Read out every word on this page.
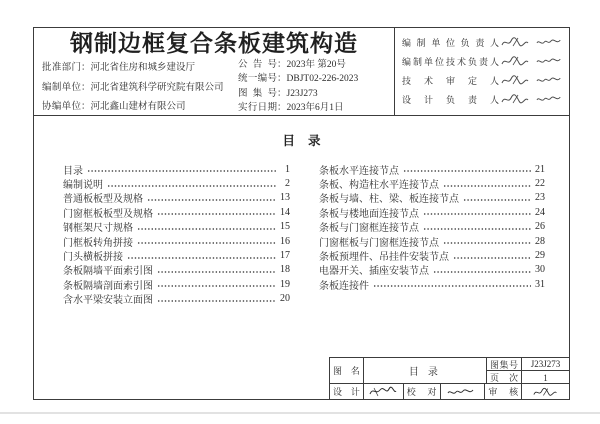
钢制边框复合条板建筑构造
批准部门：河北省住房和城乡建设厅
编制单位：河北省建筑科学研究院有限公司
协编单位：河北鑫山建材有限公司
公告号：2023年 第20号
统一编号：DBJT02-226-2023
图集号：J23J273
实行日期：2023年6月1日
编制单位负责人
编制单位技术负责人
技术审定人
设计负责人
目录
目录	1
编制说明	2
普通板板型及规格	13
门窗框板板型及规格	14
钢框架尺寸规格	15
门框板转角拼接	16
门头横板拼接	17
条板隔墙平面索引图	18
条板隔墙剖面索引图	19
含水平梁安装立面图	20
条板水平连接节点	21
条板、构造柱水平连接节点	22
条板与墙、柱、梁、板连接节点	23
条板与楼地面连接节点	24
条板与门窗框连接节点	26
门窗框板与门窗框连接节点	28
条板预埋件、吊挂件安装节点	29
电器开关、插座安装节点	30
条板连接件	31
图名	目录
图集号	J23J273
页次	1
设计	校对	审核
